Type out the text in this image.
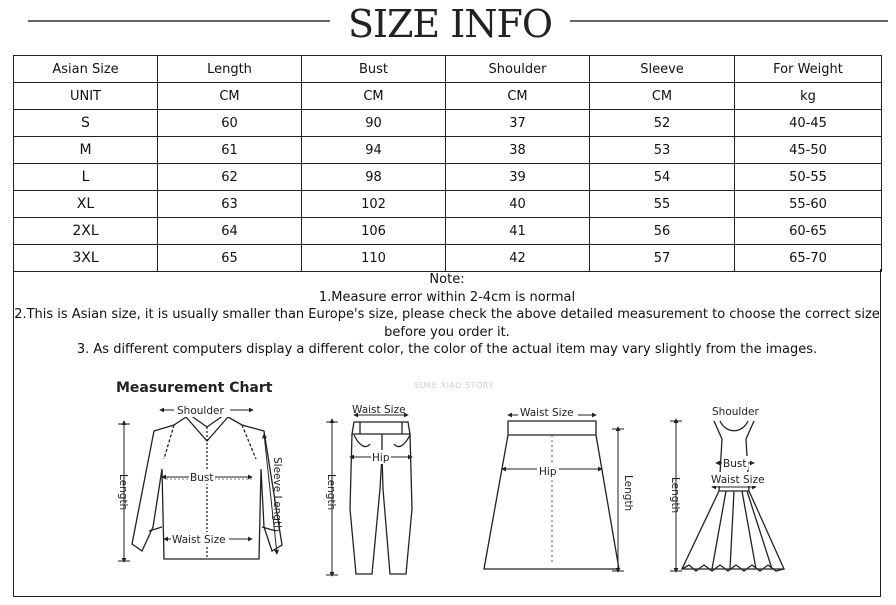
SIZE INFO
Asian Size	Length	Bust	Shoulder	Sleeve	For Weight
UNIT	CM	CM	CM	CM	kg
S	60	90	37	52	40-45
M	61	94	38	53	45-50
L	62	98	39	54	50-55
XL	63	102	40	55	55-60
2XL	64	106	41	56	60-65
3XL	65	110	42	57	65-70
Note:
1.Measure error within 2-4cm is normal
2.This is Asian size, it is usually smaller than Europe's size, please check the above detailed measurement to choose the correct size
before you order it.
3. As different computers display a different color, the color of the actual item may vary slightly from the images.
Measurement Chart	SURE XIAO STORY
Shoulder
Bust
Waist Size
Sleeve Length
Length
Waist Size
Hip
Length
Waist Size
Hip
Length
Shoulder
Bust
Waist Size
Length
